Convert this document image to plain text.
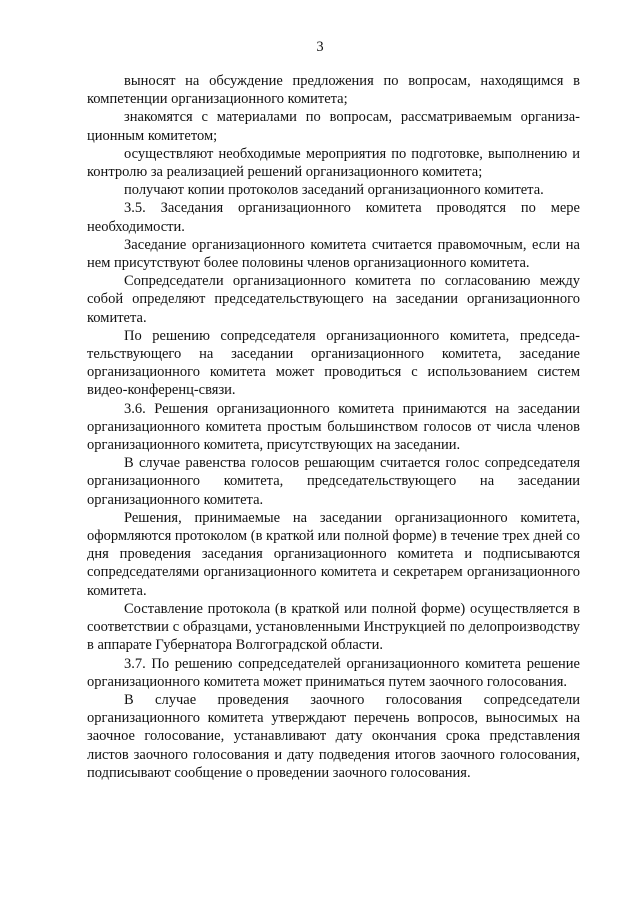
3

выносят на обсуждение предложения по вопросам, находящимся в компетенции организационного комитета;

знакомятся с материалами по вопросам, рассматриваемым организационным комитетом;

осуществляют необходимые мероприятия по подготовке, выполнению и контролю за реализацией решений организационного комитета;

получают копии протоколов заседаний организационного комитета.

3.5. Заседания организационного комитета проводятся по мере необходимости.

Заседание организационного комитета считается правомочным, если на нем присутствуют более половины членов организационного комитета.

Сопредседатели организационного комитета по согласованию между собой определяют председательствующего на заседании организационного комитета.

По решению сопредседателя организационного комитета, председательствующего на заседании организационного комитета, заседание организационного комитета может проводиться с использованием систем видео-конференц-связи.

3.6. Решения организационного комитета принимаются на заседании организационного комитета простым большинством голосов от числа членов организационного комитета, присутствующих на заседании.

В случае равенства голосов решающим считается голос сопредседателя организационного комитета, председательствующего на заседании организационного комитета.

Решения, принимаемые на заседании организационного комитета, оформляются протоколом (в краткой или полной форме) в течение трех дней со дня проведения заседания организационного комитета и подписываются сопредседателями организационного комитета и секретарем организационного комитета.

Составление протокола (в краткой или полной форме) осуществляется в соответствии с образцами, установленными Инструкцией по делопроизводству в аппарате Губернатора Волгоградской области.

3.7. По решению сопредседателей организационного комитета решение организационного комитета может приниматься путем заочного голосования.

В случае проведения заочного голосования сопредседатели организационного комитета утверждают перечень вопросов, выносимых на заочное голосование, устанавливают дату окончания срока представления листов заочного голосования и дату подведения итогов заочного голосования, подписывают сообщение о проведении заочного голосования.
